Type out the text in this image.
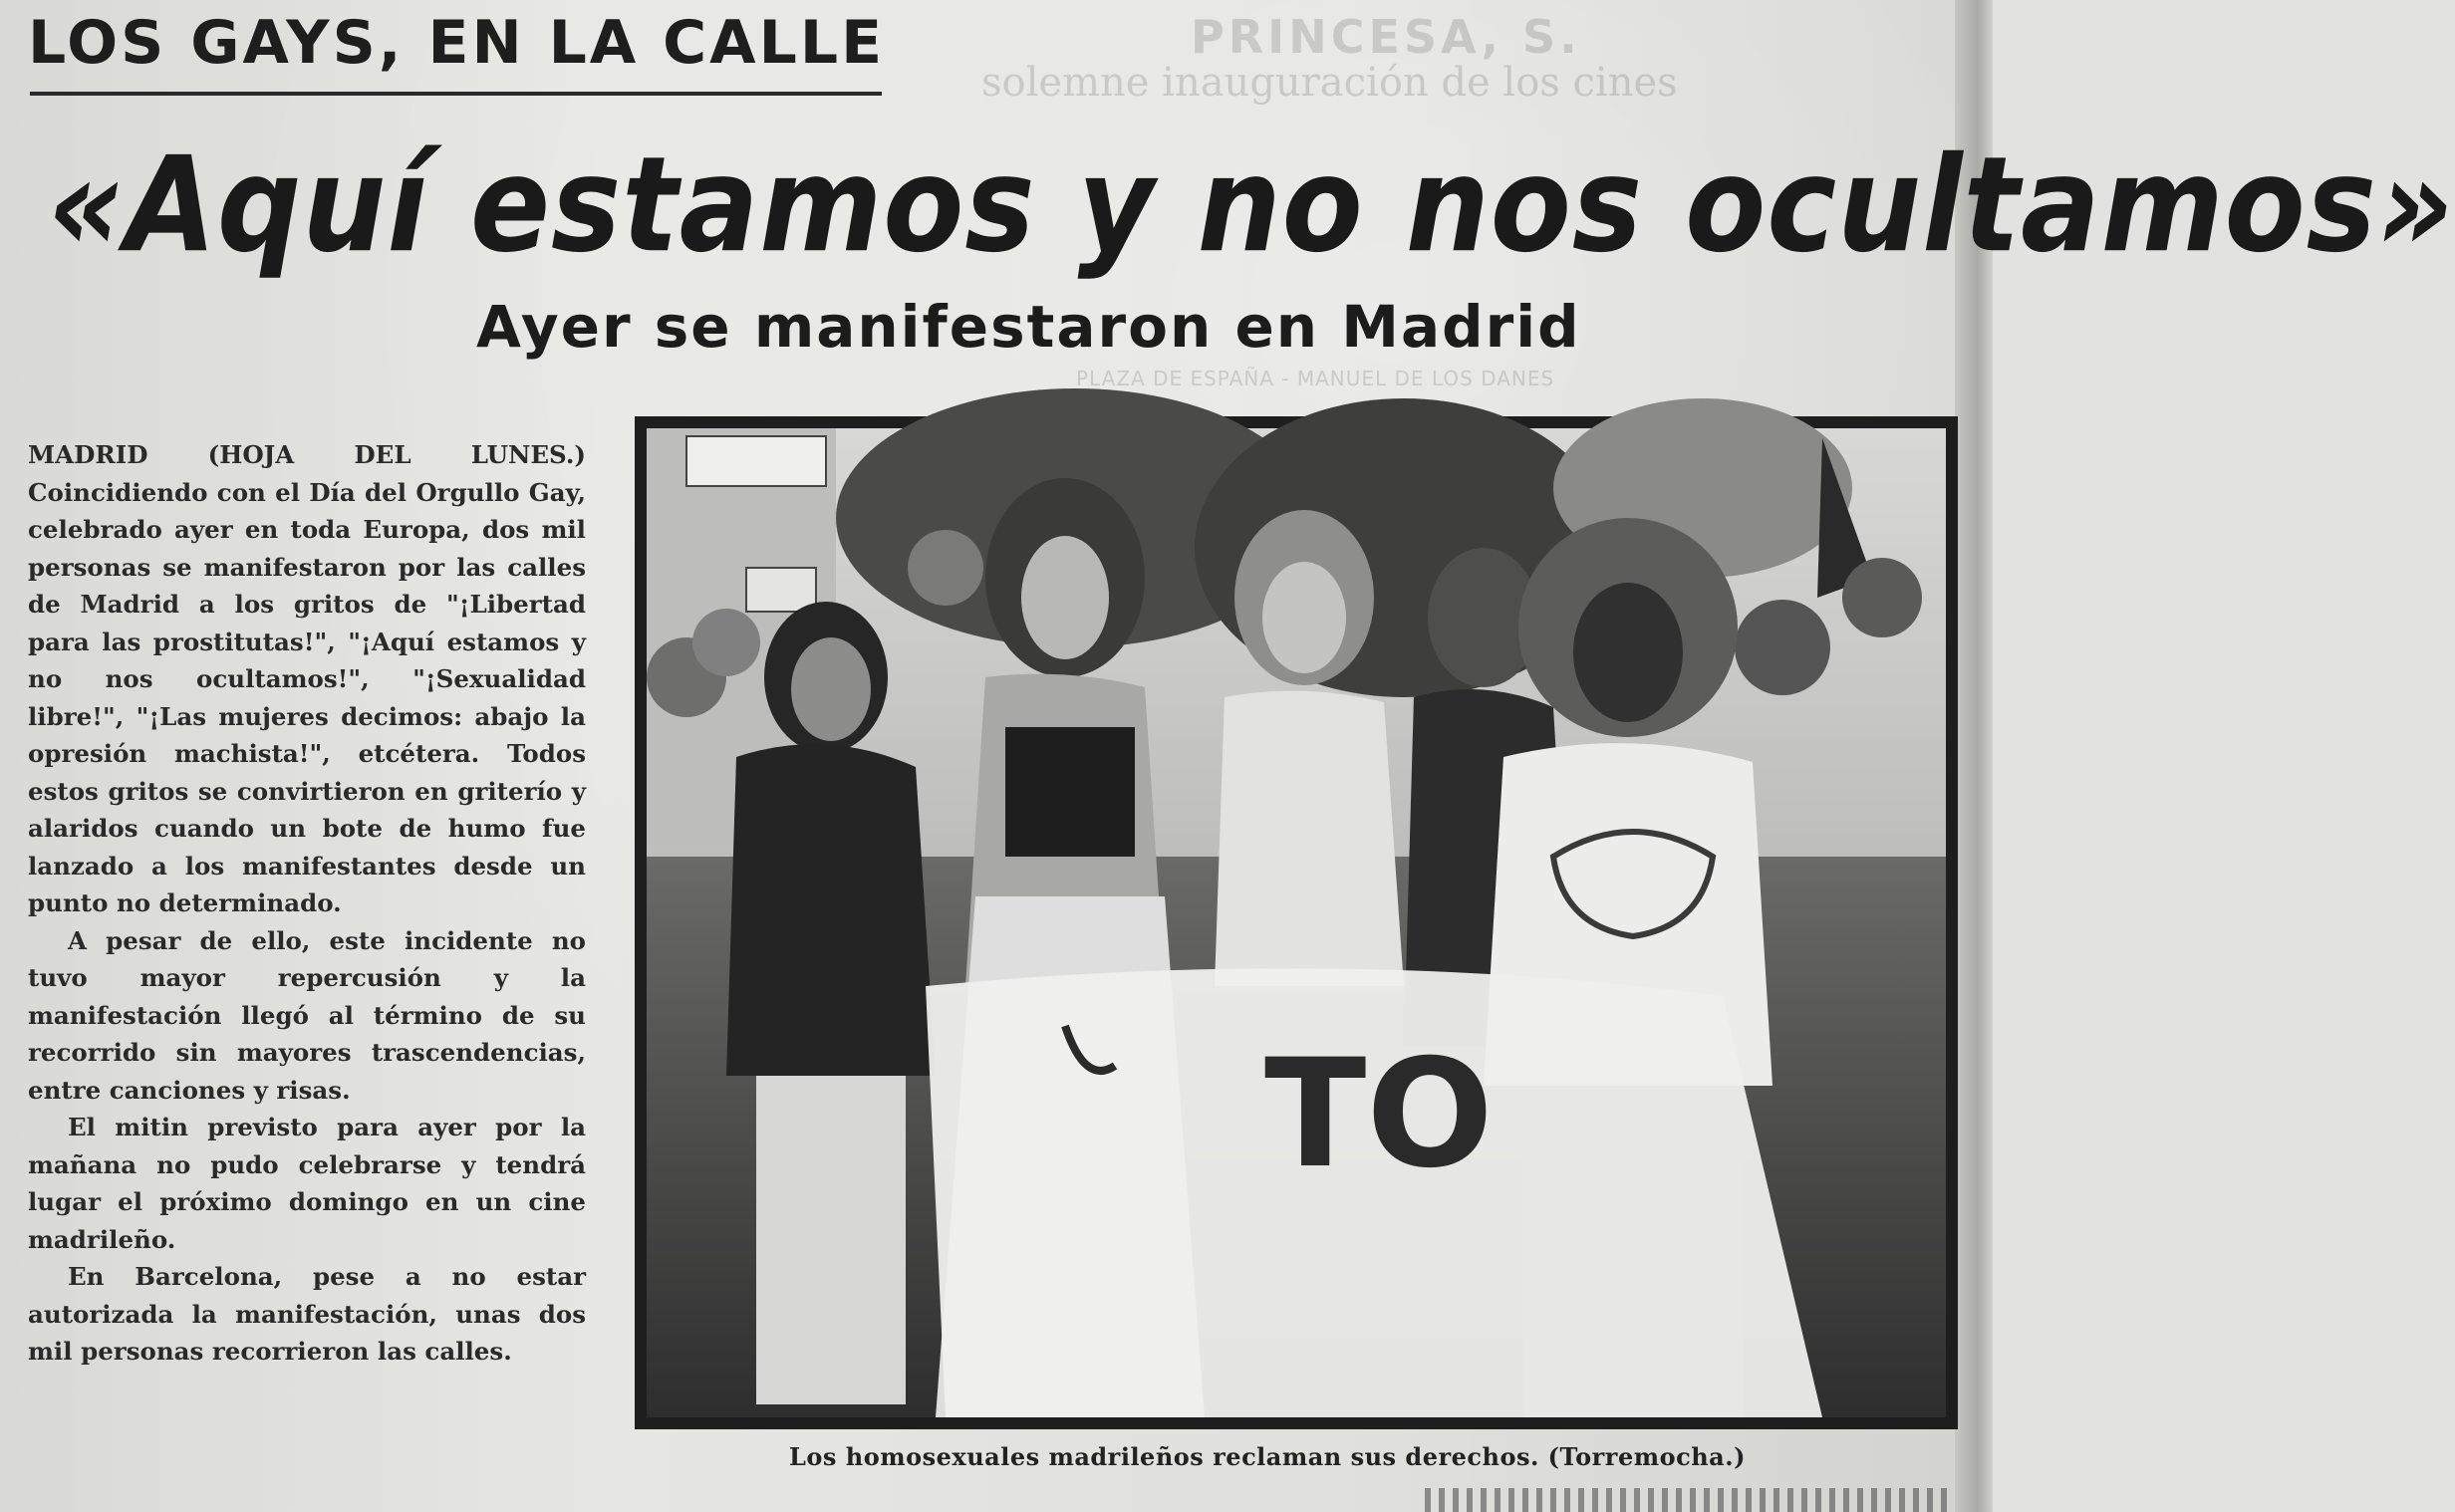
PRINCESA, S.
solemne inauguración de los cines
PLAZA DE ESPAÑA - MANUEL DE LOS DANES
LOS GAYS, EN LA CALLE
«Aquí estamos y no nos ocultamos»
Ayer se manifestaron en Madrid

MADRID (HOJA DEL LUNES.) Coincidiendo con el Día del Orgullo Gay, celebrado ayer en toda Europa, dos mil personas se manifestaron por las calles de Madrid a los gritos de "¡Libertad para las prostitutas!", "¡Aquí estamos y no nos ocultamos!", "¡Sexualidad libre!", "¡Las mujeres decimos: abajo la opresión machista!", etcétera. Todos estos gritos se convirtieron en griterío y alaridos cuando un bote de humo fue lanzado a los manifestantes desde un punto no determinado.

A pesar de ello, este incidente no tuvo mayor repercusión y la manifestación llegó al término de su recorrido sin mayores trascendencias, entre canciones y risas.

El mitin previsto para ayer por la mañana no pudo celebrarse y tendrá lugar el próximo domingo en un cine madrileño.

En Barcelona, pese a no estar autorizada la manifestación, unas dos mil personas recorrieron las calles.

TO
Los homosexuales madrileños reclaman sus derechos. (Torremocha.)
